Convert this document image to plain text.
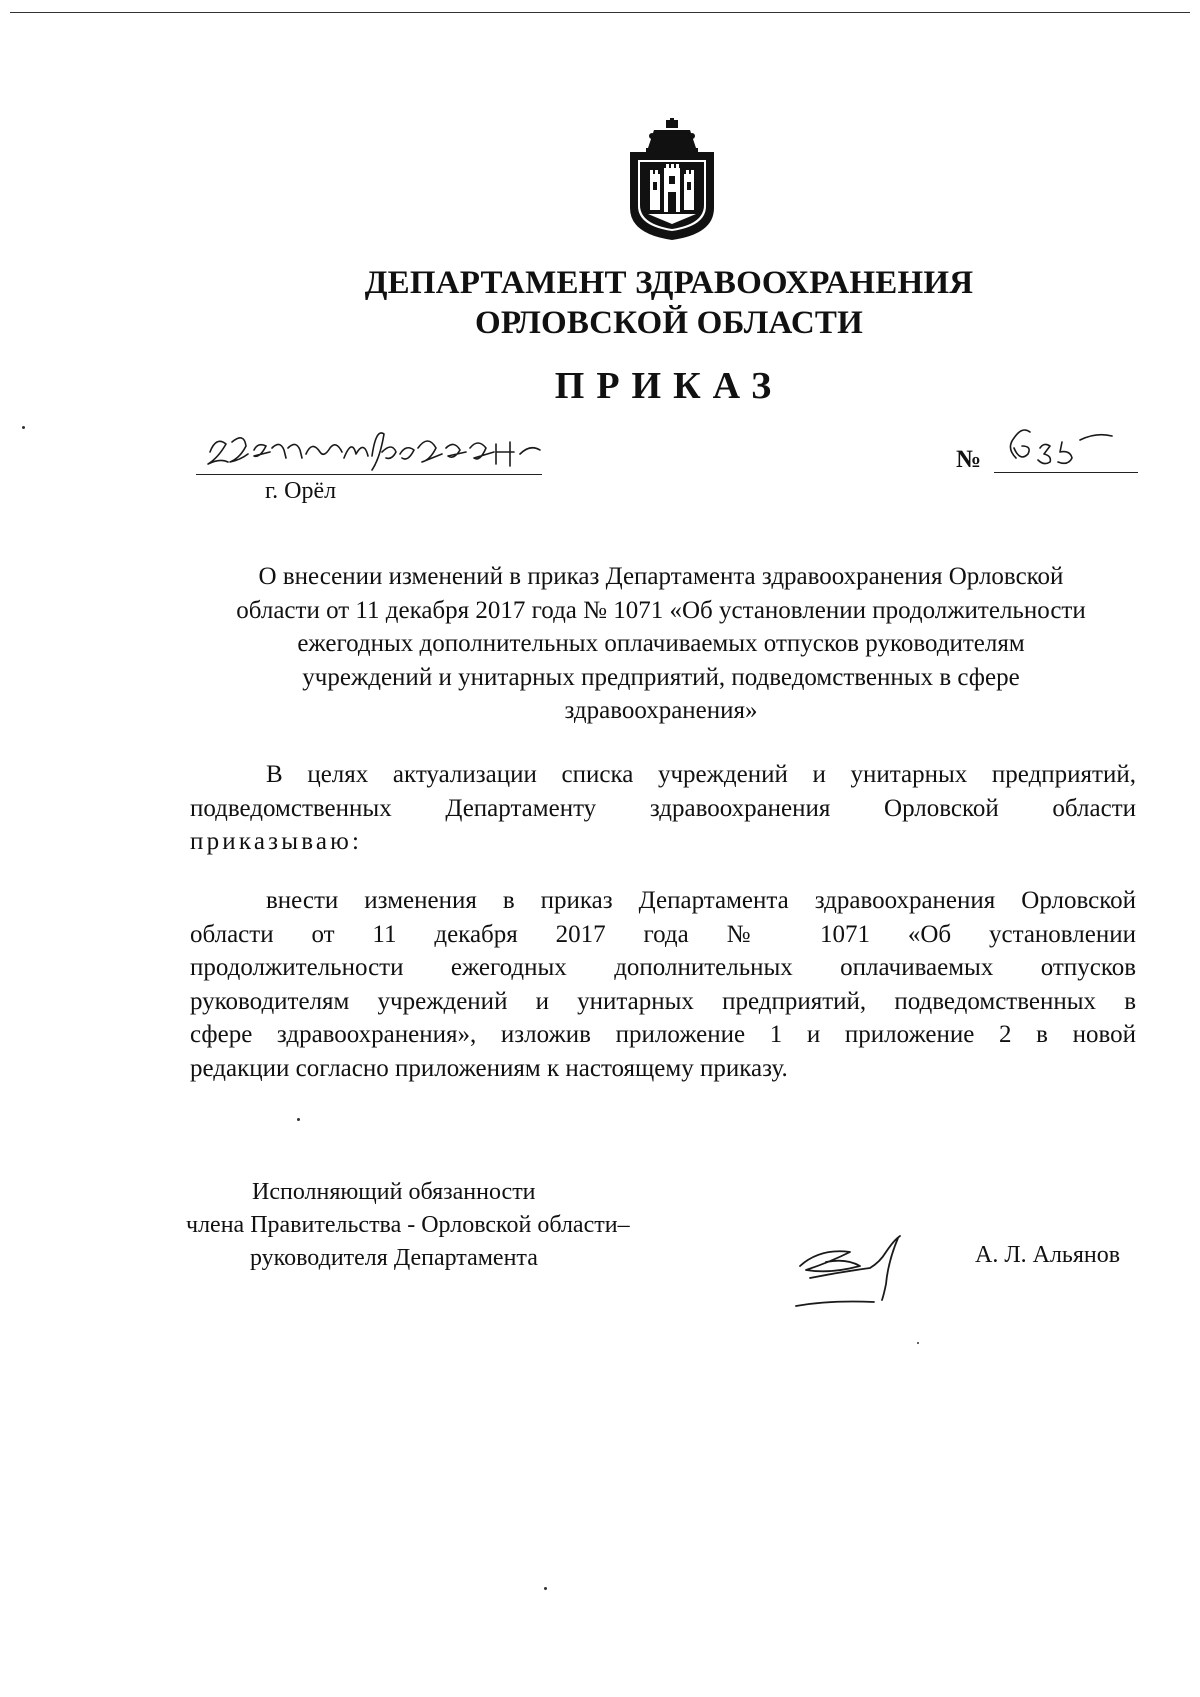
ДЕПАРТАМЕНТ ЗДРАВООХРАНЕНИЯ
ОРЛОВСКОЙ ОБЛАСТИ
ПРИКАЗ
г. Орёл
№
О внесении изменений в приказ Департамента здравоохранения Орловской
области от 11 декабря 2017 года № 1071 «Об установлении продолжительности
ежегодных дополнительных оплачиваемых отпусков руководителям
учреждений и унитарных предприятий, подведомственных в сфере
здравоохранения»
В целях актуализации списка учреждений и унитарных предприятий,
подведомственных Департаменту здравоохранения Орловской области
приказываю:
внести изменения в приказ Департамента здравоохранения Орловской
области от 11 декабря 2017 года № 1071 «Об установлении
продолжительности ежегодных дополнительных оплачиваемых отпусков
руководителям учреждений и унитарных предприятий, подведомственных в
сфере здравоохранения», изложив приложение 1 и приложение 2 в новой
редакции согласно приложениям к настоящему приказу.
Исполняющий обязанности
члена Правительства - Орловской области–
руководителя Департамента	А. Л. Альянов
